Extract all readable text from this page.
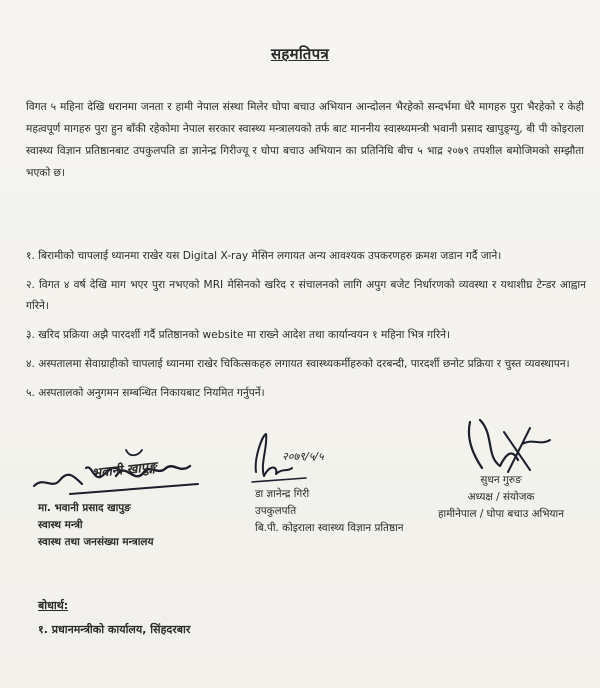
सहमतिपत्र
विगत ५ महिना देखि धरानमा जनता र हामी नेपाल संस्था मिलेर घोपा बचाउ अभियान आन्दोलन भैरहेको सन्दर्भमा धेरै मागहरु पुरा भैरहेको र केही महत्वपूर्ण मागहरु पुरा हुन बाँकी रहेकोमा नेपाल सरकार स्वास्थ्य मन्त्रालयको तर्फ बाट माननीय स्वास्थ्यमन्त्री भवानी प्रसाद खापुङ्ग्यु, बी पी कोइराला स्वास्थ्य विज्ञान प्रतिष्ठानबाट उपकुलपति डा ज्ञानेन्द्र गिरीज्यू र घोपा बचाउ अभियान का प्रतिनिधि बीच ५ भाद्र २०७९ तपशील बमोजिमको सम्झौता भएको छ।
१. बिरामीको चापलाई ध्यानमा राखेर यस Digital X-ray मेसिन लगायत अन्य आवश्यक उपकरणहरु क्रमश जडान गर्दै जाने।
२. विगत ४ वर्ष देखि माग भएर पुरा नभएको MRI मेसिनको खरिद र संचालनको लागि अपुग बजेट निर्धारणको व्यवस्था र यथाशीघ्र टेन्डर आह्वान गरिने।
३. खरिद प्रक्रिया अझै पारदर्शी गर्दै प्रतिष्ठानको website मा राख्ने आदेश तथा कार्यान्वयन १ महिना भित्र गरिने।
४. अस्पतालमा सेवाग्राहीको चापलाई ध्यानमा राखेर चिकित्सकहरु लगायत स्वास्थ्यकर्मीहरुको दरबन्दी, पारदर्शी छनोट प्रक्रिया र चुस्त व्यवस्थापन।
५. अस्पतालको अनुगमन सम्बन्धित निकायबाट नियमित गर्नुपर्ने।
२०७९/५/५
मा. भवानी प्रसाद खापुङ
स्वास्थ मन्त्री
स्वास्थ तथा जनसंख्या मन्त्रालय
डा ज्ञानेन्द्र गिरी
उपकुलपति
बि.पी. कोइराला स्वास्थ्य विज्ञान प्रतिष्ठान
सुधन गुरुङ
अध्यक्ष / संयोजक
हामीनेपाल / घोपा बचाउ अभियान
भवानी खापुङ्ग
बोधार्थ:
१. प्रधानमन्त्रीको कार्यालय, सिंहदरबार
